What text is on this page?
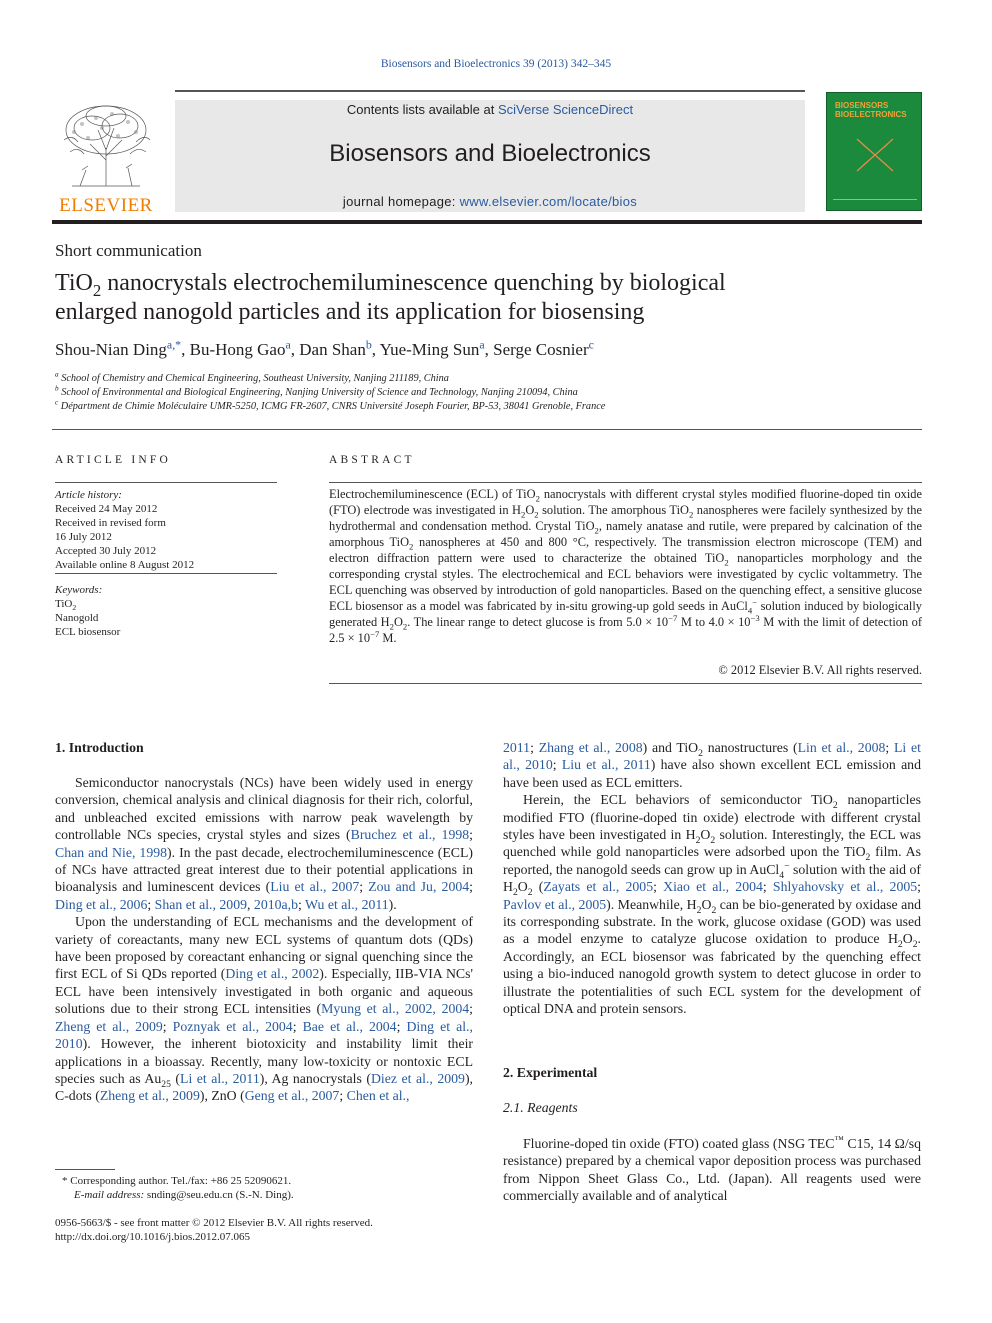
Biosensors and Bioelectronics 39 (2013) 342–345
ELSEVIER
Contents lists available at SciVerse ScienceDirect
Biosensors and Bioelectronics
journal homepage: www.elsevier.com/locate/bios
BIOSENSORS
BIOELECTRONICS
Short communication
TiO$_2$ nanocrystals electrochemiluminescence quenching by biological
enlarged nanogold particles and its application for biosensing
Shou-Nian Ding$^{a,*}$, Bu-Hong Gao$^a$, Dan Shan$^b$, Yue-Ming Sun$^a$, Serge Cosnier$^c$
$^a$ School of Chemistry and Chemical Engineering, Southeast University, Nanjing 211189, China
$^b$ School of Environmental and Biological Engineering, Nanjing University of Science and Technology, Nanjing 210094, China
$^c$ Départment de Chimie Moléculaire UMR-5250, ICMG FR-2607, CNRS Université Joseph Fourier, BP-53, 38041 Grenoble, France
ARTICLE INFO
Article history:
Received 24 May 2012
Received in revised form
16 July 2012
Accepted 30 July 2012
Available online 8 August 2012
Keywords:
TiO$_2$
Nanogold
ECL biosensor
ABSTRACT
Electrochemiluminescence (ECL) of TiO$_2$ nanocrystals with different crystal styles modified fluorine-doped tin oxide (FTO) electrode was investigated in $H_2O_2$ solution. The amorphous TiO$_2$ nanospheres were facilely synthesized by the hydrothermal and condensation method. Crystal TiO$_2$, namely anatase and rutile, were prepared by calcination of the amorphous TiO$_2$ nanospheres at 450 and 800 °C, respectively. The transmission electron microscope (TEM) and electron diffraction pattern were used to characterize the obtained TiO$_2$ nanoparticles morphology and the corresponding crystal styles. The electrochemical and ECL behaviors were investigated by cyclic voltammetry. The ECL quenching was observed by introduction of gold nanoparticles. Based on the quenching effect, a sensitive glucose ECL biosensor as a model was fabricated by in-situ growing-up gold seeds in AuCl$_4$− solution induced by biologically generated $H_2O_2$. The linear range to detect glucose is from $5.0 \times 10^{-7}$ M to $4.0 \times 10^{-3}$ M with the limit of detection of $2.5 \times 10^{-7}$ M.
© 2012 Elsevier B.V. All rights reserved.
1. Introduction

Semiconductor nanocrystals (NCs) have been widely used in energy conversion, chemical analysis and clinical diagnosis for their rich, colorful, and unbleached excited emissions with narrow peak wavelength by controllable NCs species, crystal styles and sizes (Bruchez et al., 1998; Chan and Nie, 1998). In the past decade, electrochemiluminescence (ECL) of NCs have attracted great interest due to their potential applications in bioanalysis and luminescent devices (Liu et al., 2007; Zou and Ju, 2004; Ding et al., 2006; Shan et al., 2009, 2010a,b; Wu et al., 2011).

Upon the understanding of ECL mechanisms and the development of variety of coreactants, many new ECL systems of quantum dots (QDs) have been proposed by coreactant enhancing or signal quenching since the first ECL of Si QDs reported (Ding et al., 2002). Especially, IIB-VIA NCs' ECL have been intensively investigated in both organic and aqueous solutions due to their strong ECL intensities (Myung et al., 2002, 2004; Zheng et al., 2009; Poznyak et al., 2004; Bae et al., 2004; Ding et al., 2010). However, the inherent biotoxicity and instability limit their applications in a bioassay. Recently, many low-toxicity or nontoxic ECL species such as $Au_{25}$ (Li et al., 2011), Ag nanocrystals (Diez et al., 2009), C-dots (Zheng et al., 2009), ZnO (Geng et al., 2007; Chen et al.,

* Corresponding author. Tel./fax: +86 25 52090621.
E-mail address: snding@seu.edu.cn (S.-N. Ding).
0956-5663/$ - see front matter © 2012 Elsevier B.V. All rights reserved.
http://dx.doi.org/10.1016/j.bios.2012.07.065

2011; Zhang et al., 2008) and TiO$_2$ nanostructures (Lin et al., 2008; Li et al., 2010; Liu et al., 2011) have also shown excellent ECL emission and have been used as ECL emitters.

Herein, the ECL behaviors of semiconductor TiO$_2$ nanoparticles modified FTO (fluorine-doped tin oxide) electrode with different crystal styles have been investigated in $H_2O_2$ solution. Interestingly, the ECL was quenched while gold nanoparticles were adsorbed upon the TiO$_2$ film. As reported, the nanogold seeds can grow up in AuCl$_4$− solution with the aid of $H_2O_2$ (Zayats et al., 2005; Xiao et al., 2004; Shlyahovsky et al., 2005; Pavlov et al., 2005). Meanwhile, $H_2O_2$ can be bio-generated by oxidase and its corresponding substrate. In the work, glucose oxidase (GOD) was used as a model enzyme to catalyze glucose oxidation to produce $H_2O_2$. Accordingly, an ECL biosensor was fabricated by the quenching effect using a bio-induced nanogold growth system to detect glucose in order to illustrate the potentialities of such ECL system for the development of optical DNA and protein sensors.

2. Experimental
2.1. Reagents

Fluorine-doped tin oxide (FTO) coated glass (NSG TEC™ C15, 14 Ω/sq resistance) prepared by a chemical vapor deposition process was purchased from Nippon Sheet Glass Co., Ltd. (Japan). All reagents used were commercially available and of analytical
